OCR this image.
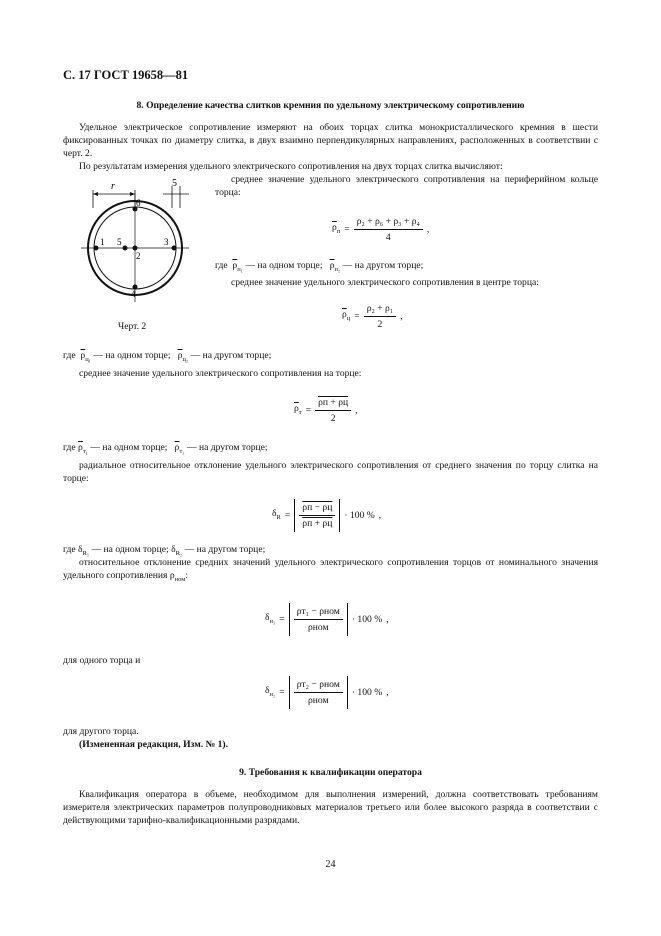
С. 17 ГОСТ 19658—81
8. Определение качества слитков кремния по удельному электрическому сопротивлению
Удельное электрическое сопротивление измеряют на обоих торцах слитка монокристаллического кремния в шести фиксированных точках по диаметру слитка, в двух взаимно перпендикулярных направлениях, расположенных в соответствии с черт. 2.
По результатам измерения удельного электрического сопротивления на двух торцах слитка вычисляют:
r	5
1
2
3
4
5
6
Черт. 2
среднее значение удельного электрического сопротивления на периферийном кольце торца:
$\overline{\rho}_п = \frac{\text{ρ₂ + ρ₆ + ρ₃ + ρ₄}}{4}$ ,
где $\overline{\rho}_{п_1}$ — на одном торце; $\overline{\rho}_{п_2}$ — на другом торце;
среднее значение удельного электрического сопротивления в центре торца:
$\overline{\rho}_ц = \frac{\text{ρ₂ + ρ₁}}{2}$ ,
где $\overline{\rho}_{ц_1}$ — на одном торце; $\overline{\rho}_{ц_2}$ — на другом торце;
среднее значение удельного электрического сопротивления на торце:
$\overline{\rho}_т = \frac{\rho п + \rho ц}{2}$ ,
где $\overline{\rho}_{т_1}$ — на одном торце; $\overline{\rho}_{т_2}$ — на другом торце;
радиальное относительное отклонение удельного электрического сопротивления от среднего значения по торцу слитка на торце:
$\delta_R = \frac{\rho п - \rho ц}{\rho п + \rho ц} \cdot 100$ % ,
где $\delta_{R_1}$ — на одном торце; $\delta_{R_2}$ — на другом торце;
относительное отклонение средних значений удельного электрического сопротивления торцов от номинального значения удельного сопротивления $\rho_{ном}$:
$\delta_{н_1} = \frac{\text{ρт₁ − ρном}}{\text{ρном}} \cdot 100$ % ,
для одного торца и
$\delta_{н_2} = \frac{\text{ρт₂ − ρном}}{\text{ρном}} \cdot 100$ % ,
для другого торца.
(Измененная редакция, Изм. № 1).
9. Требования к квалификации оператора
Квалификация оператора в объеме, необходимом для выполнения измерений, должна соответствовать требованиям измерителя электрических параметров полупроводниковых материалов третьего или более высокого разряда в соответствии с действующими тарифно-квалификационными разрядами.
24
